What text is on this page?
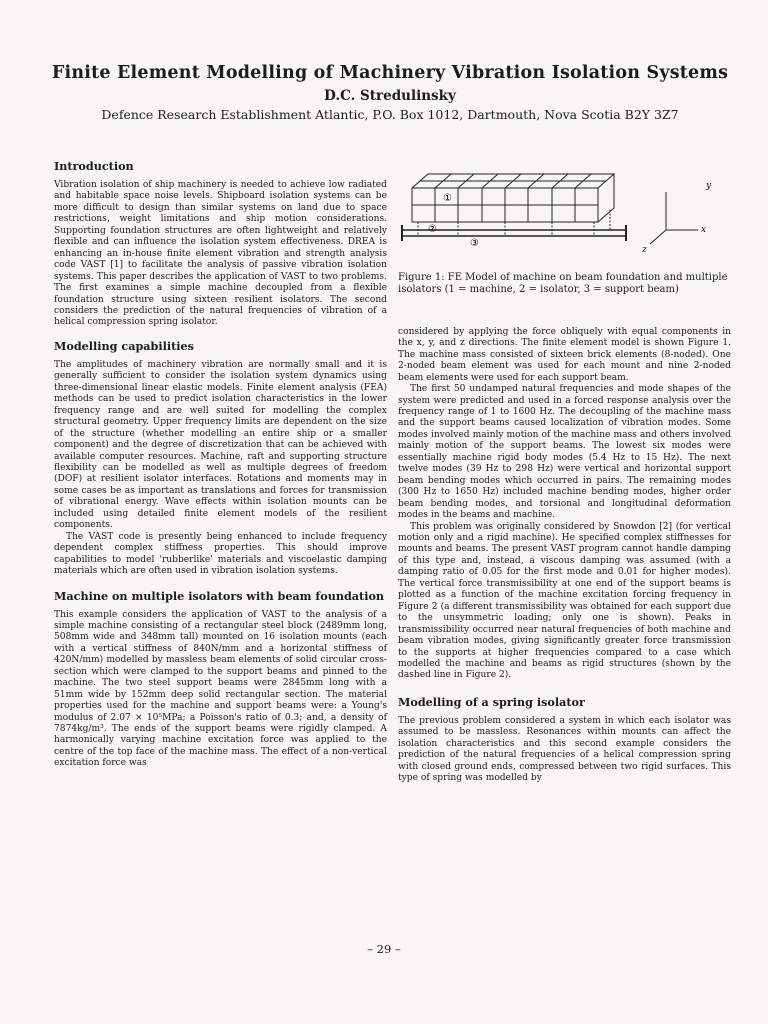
Finite Element Modelling of Machinery Vibration Isolation Systems
D.C. Stredulinsky
Defence Research Establishment Atlantic, P.O. Box 1012, Dartmouth, Nova Scotia B2Y 3Z7
Introduction

Vibration isolation of ship machinery is needed to achieve low radiated and habitable space noise levels. Shipboard isolation systems can be more difficult to design than similar systems on land due to space restrictions, weight limitations and ship motion considerations. Supporting foundation structures are often lightweight and relatively flexible and can influence the isolation system effectiveness. DREA is enhancing an in-house finite element vibration and strength analysis code VAST [1] to facilitate the analysis of passive vibration isolation systems. This paper describes the application of VAST to two problems. The first examines a simple machine decoupled from a flexible foundation structure using sixteen resilient isolators. The second considers the prediction of the natural frequencies of vibration of a helical compression spring isolator.

Modelling capabilities

The amplitudes of machinery vibration are normally small and it is generally sufficient to consider the isolation system dynamics using three-dimensional linear elastic models. Finite element analysis (FEA) methods can be used to predict isolation characteristics in the lower frequency range and are well suited for modelling the complex structural geometry. Upper frequency limits are dependent on the size of the structure (whether modelling an entire ship or a smaller component) and the degree of discretization that can be achieved with available computer resources. Machine, raft and supporting structure flexibility can be modelled as well as multiple degrees of freedom (DOF) at resilient isolator interfaces. Rotations and moments may in some cases be as important as translations and forces for transmission of vibrational energy. Wave effects within isolation mounts can be included using detailed finite element models of the resilient components.

The VAST code is presently being enhanced to include frequency dependent complex stiffness properties. This should improve capabilities to model 'rubberlike' materials and viscoelastic damping materials which are often used in vibration isolation systems.

Machine on multiple isolators with beam foundation

This example considers the application of VAST to the analysis of a simple machine consisting of a rectangular steel block (2489mm long, 508mm wide and 348mm tall) mounted on 16 isolation mounts (each with a vertical stiffness of 840N/mm and a horizontal stiffness of 420N/mm) modelled by massless beam elements of solid circular cross-section which were clamped to the support beams and pinned to the machine. The two steel support beams were 2845mm long with a 51mm wide by 152mm deep solid rectangular section. The material properties used for the machine and support beams were: a Young's modulus of 2.07 × 10⁵MPa; a Poisson's ratio of 0.3; and, a density of 7874kg/m³. The ends of the support beams were rigidly clamped. A harmonically varying machine excitation force was applied to the centre of the top face of the machine mass. The effect of a non-vertical excitation force was

①
②
③
y
x
z
Figure 1: FE Model of machine on beam foundation and multiple isolators (1 = machine, 2 = isolator, 3 = support beam)

considered by applying the force obliquely with equal components in the x, y, and z directions. The finite element model is shown Figure 1. The machine mass consisted of sixteen brick elements (8-noded). One 2-noded beam element was used for each mount and nine 2-noded beam elements were used for each support beam.

The first 50 undamped natural frequencies and mode shapes of the system were predicted and used in a forced response analysis over the frequency range of 1 to 1600 Hz. The decoupling of the machine mass and the support beams caused localization of vibration modes. Some modes involved mainly motion of the machine mass and others involved mainly motion of the support beams. The lowest six modes were essentially machine rigid body modes (5.4 Hz to 15 Hz). The next twelve modes (39 Hz to 298 Hz) were vertical and horizontal support beam bending modes which occurred in pairs. The remaining modes (300 Hz to 1650 Hz) included machine bending modes, higher order beam bending modes, and torsional and longitudinal deformation modes in the beams and machine.

This problem was originally considered by Snowdon [2] (for vertical motion only and a rigid machine). He specified complex stiffnesses for mounts and beams. The present VAST program cannot handle damping of this type and, instead, a viscous damping was assumed (with a damping ratio of 0.05 for the first mode and 0.01 for higher modes). The vertical force transmissibility at one end of the support beams is plotted as a function of the machine excitation forcing frequency in Figure 2 (a different transmissibility was obtained for each support due to the unsymmetric loading; only one is shown). Peaks in transmissibility occurred near natural frequencies of both machine and beam vibration modes, giving significantly greater force transmission to the supports at higher frequencies compared to a case which modelled the machine and beams as rigid structures (shown by the dashed line in Figure 2).

Modelling of a spring isolator

The previous problem considered a system in which each isolator was assumed to be massless. Resonances within mounts can affect the isolation characteristics and this second example considers the prediction of the natural frequencies of a helical compression spring with closed ground ends, compressed between two rigid surfaces. This type of spring was modelled by

– 29 –
